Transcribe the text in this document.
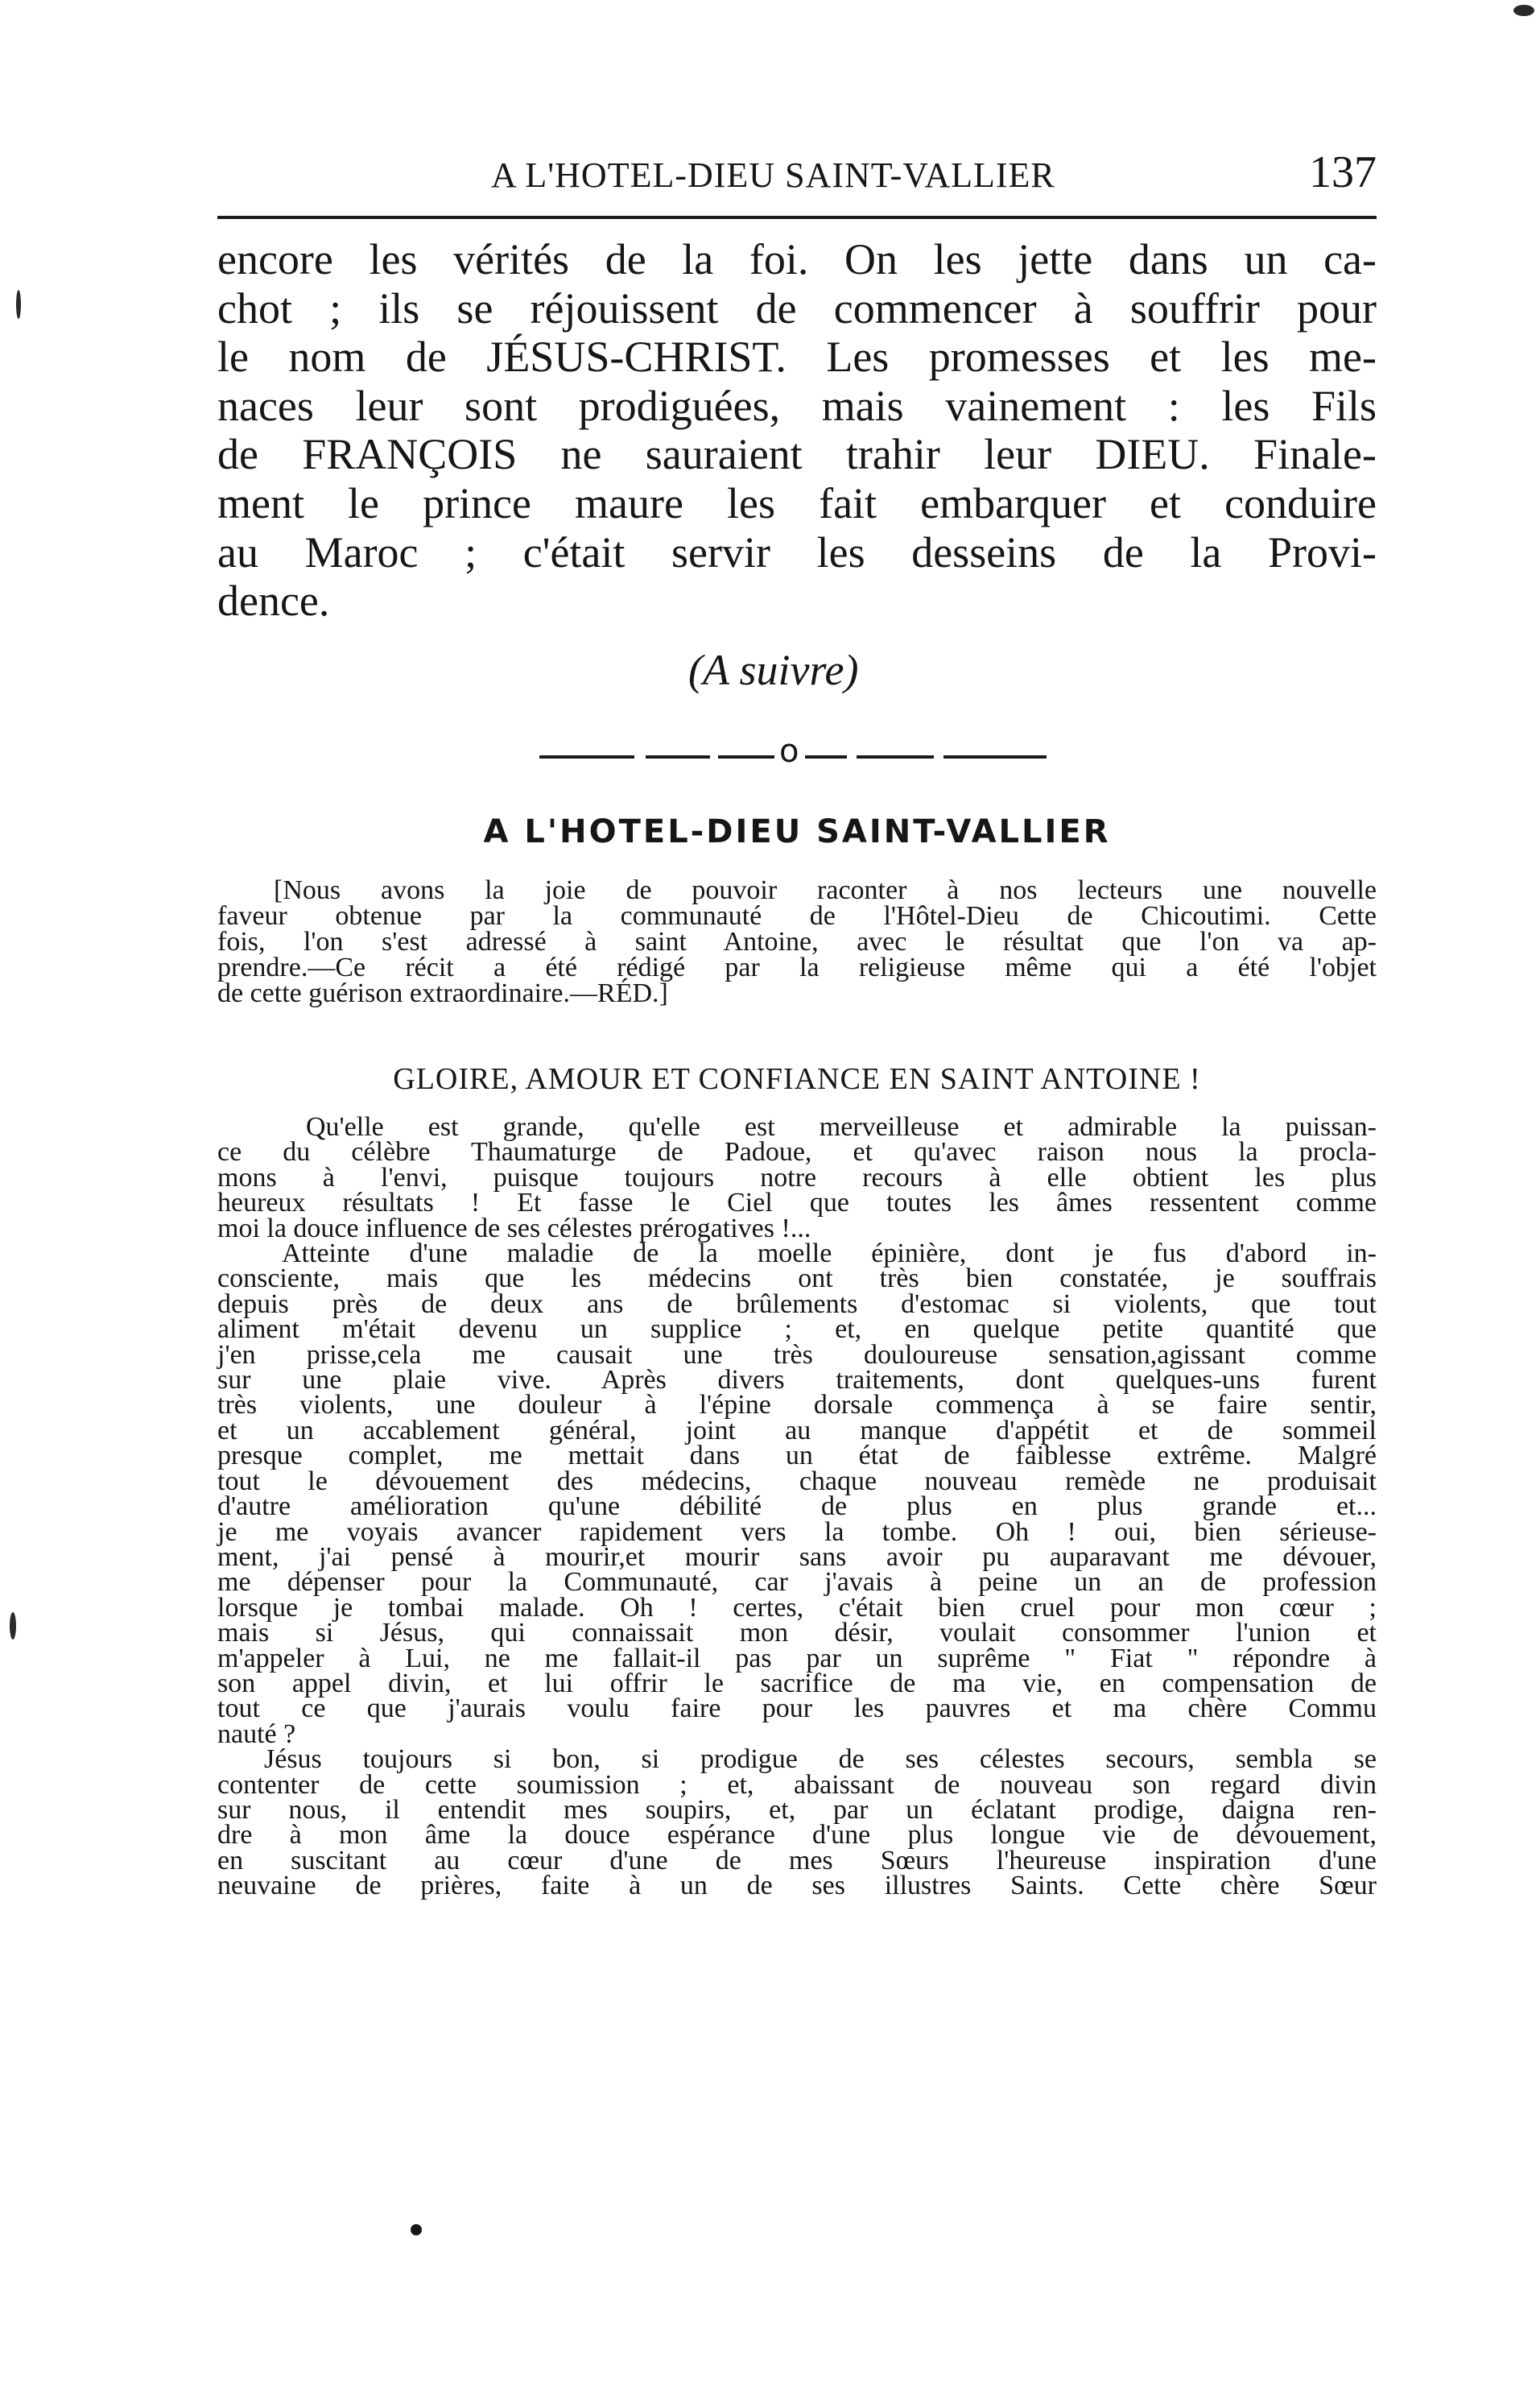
A L'HOTEL-DIEU SAINT-VALLIER	137
encore les vérités de la foi. On les jette dans un ca-
chot ; ils se réjouissent de commencer à souffrir pour
le nom de JÉSUS-CHRIST. Les promesses et les me-
naces leur sont prodiguées, mais vainement : les Fils
de FRANÇOIS ne sauraient trahir leur DIEU. Finale-
ment le prince maure les fait embarquer et conduire
au Maroc ; c'était servir les desseins de la Provi-
dence.
(A suivre)
o
A L'HOTEL-DIEU SAINT-VALLIER
[Nous avons la joie de pouvoir raconter à nos lecteurs une nouvelle
faveur obtenue par la communauté de l'Hôtel-Dieu de Chicoutimi. Cette
fois, l'on s'est adressé à saint Antoine, avec le résultat que l'on va ap-
prendre.—Ce récit a été rédigé par la religieuse même qui a été l'objet
de cette guérison extraordinaire.—RÉD.]
GLOIRE, AMOUR ET CONFIANCE EN SAINT ANTOINE !
Qu'elle est grande, qu'elle est merveilleuse et admirable la puissan-
ce du célèbre Thaumaturge de Padoue, et qu'avec raison nous la procla-
mons à l'envi, puisque toujours notre recours à elle obtient les plus
heureux résultats ! Et fasse le Ciel que toutes les âmes ressentent comme
moi la douce influence de ses célestes prérogatives !...
Atteinte d'une maladie de la moelle épinière, dont je fus d'abord in-
consciente, mais que les médecins ont très bien constatée, je souffrais
depuis près de deux ans de brûlements d'estomac si violents, que tout
aliment m'était devenu un supplice ; et, en quelque petite quantité que
j'en prisse,cela me causait une très douloureuse sensation,agissant comme
sur une plaie vive. Après divers traitements, dont quelques-uns furent
très violents, une douleur à l'épine dorsale commença à se faire sentir,
et un accablement général, joint au manque d'appétit et de sommeil
presque complet, me mettait dans un état de faiblesse extrême. Malgré
tout le dévouement des médecins, chaque nouveau remède ne produisait
d'autre amélioration qu'une débilité de plus en plus grande et...
je me voyais avancer rapidement vers la tombe. Oh ! oui, bien sérieuse-
ment, j'ai pensé à mourir,et mourir sans avoir pu auparavant me dévouer,
me dépenser pour la Communauté, car j'avais à peine un an de profession
lorsque je tombai malade. Oh ! certes, c'était bien cruel pour mon cœur ;
mais si Jésus, qui connaissait mon désir, voulait consommer l'union et
m'appeler à Lui, ne me fallait-il pas par un suprême " Fiat " répondre à
son appel divin, et lui offrir le sacrifice de ma vie, en compensation de
tout ce que j'aurais voulu faire pour les pauvres et ma chère Commu
nauté ?
Jésus toujours si bon, si prodigue de ses célestes secours, sembla se
contenter de cette soumission ; et, abaissant de nouveau son regard divin
sur nous, il entendit mes soupirs, et, par un éclatant prodige, daigna ren-
dre à mon âme la douce espérance d'une plus longue vie de dévouement,
en suscitant au cœur d'une de mes Sœurs l'heureuse inspiration d'une
neuvaine de prières, faite à un de ses illustres Saints. Cette chère Sœur
